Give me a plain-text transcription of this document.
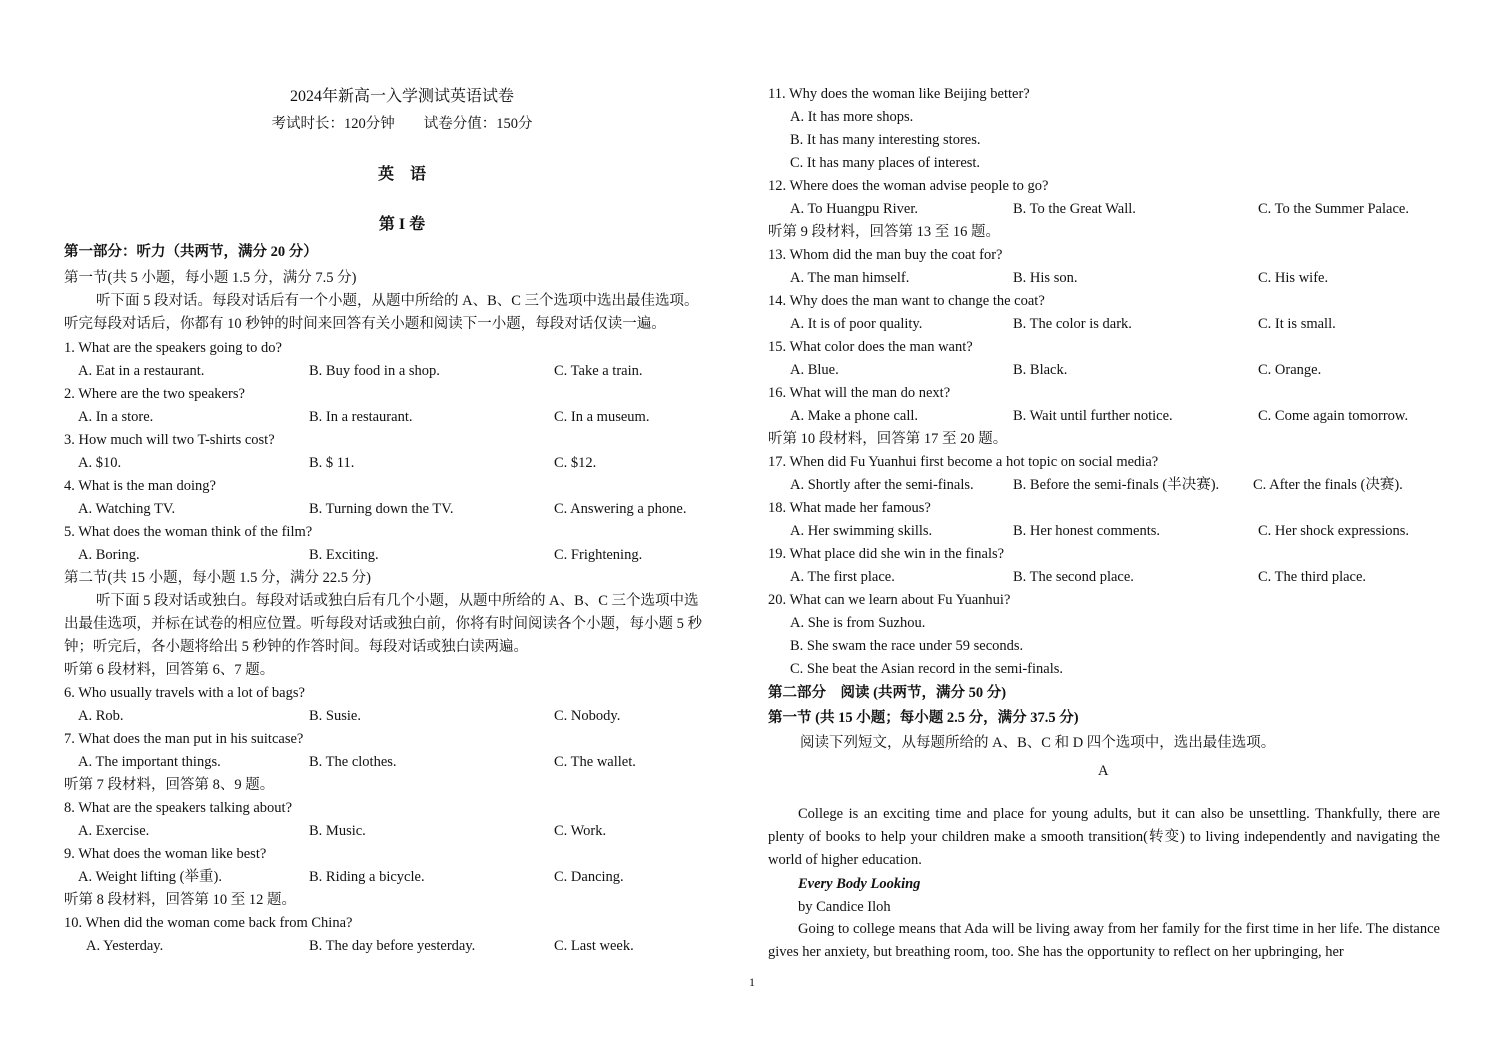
2024年新高一入学测试英语试卷
考试时长：120分钟　　试卷分值：150分
英　语
第 I 卷
第一部分：听力（共两节，满分 20 分）
第一节(共 5 小题，每小题 1.5 分，满分 7.5 分)
听下面 5 段对话。每段对话后有一个小题，从题中所给的 A、B、C 三个选项中选出最佳选项。
听完每段对话后，你都有 10 秒钟的时间来回答有关小题和阅读下一小题，每段对话仅读一遍。
1. What are the speakers going to do?
A. Eat in a restaurant.	B. Buy food in a shop.	C. Take a train.
2. Where are the two speakers?
A. In a store.	B. In a restaurant.	C. In a museum.
3. How much will two T-shirts cost?
A. $10.	B. $ 11.	C. $12.
4. What is the man doing?
A. Watching TV.	B. Turning down the TV.	C. Answering a phone.
5. What does the woman think of the film?
A. Boring.	B. Exciting.	C. Frightening.
第二节(共 15 小题，每小题 1.5 分，满分 22.5 分)
听下面 5 段对话或独白。每段对话或独白后有几个小题，从题中所给的 A、B、C 三个选项中选
出最佳选项，并标在试卷的相应位置。听每段对话或独白前，你将有时间阅读各个小题，每小题 5 秒
钟；听完后，各小题将给出 5 秒钟的作答时间。每段对话或独白读两遍。
听第 6 段材料，回答第 6、7 题。
6. Who usually travels with a lot of bags?
A. Rob.	B. Susie.	C. Nobody.
7. What does the man put in his suitcase?
A. The important things.	B. The clothes.	C. The wallet.
听第 7 段材料，回答第 8、9 题。
8. What are the speakers talking about?
A. Exercise.	B. Music.	C. Work.
9. What does the woman like best?
A. Weight lifting (举重).	B. Riding a bicycle.	C. Dancing.
听第 8 段材料，回答第 10 至 12 题。
10. When did the woman come back from China?
A. Yesterday.	B. The day before yesterday.	C. Last week.
11. Why does the woman like Beijing better?
A. It has more shops.
B. It has many interesting stores.
C. It has many places of interest.
12. Where does the woman advise people to go?
A. To Huangpu River.	B. To the Great Wall.	C. To the Summer Palace.
听第 9 段材料，回答第 13 至 16 题。
13. Whom did the man buy the coat for?
A. The man himself.	B. His son.	C. His wife.
14. Why does the man want to change the coat?
A. It is of poor quality.	B. The color is dark.	C. It is small.
15. What color does the man want?
A. Blue.	B. Black.	C. Orange.
16. What will the man do next?
A. Make a phone call.	B. Wait until further notice.	C. Come again tomorrow.
听第 10 段材料，回答第 17 至 20 题。
17. When did Fu Yuanhui first become a hot topic on social media?
A. Shortly after the semi-finals.	B. Before the semi-finals (半决赛). C. After the finals (决赛).
18. What made her famous?
A. Her swimming skills.	B. Her honest comments.	C. Her shock expressions.
19. What place did she win in the finals?
A. The first place.	B. The second place.	C. The third place.
20. What can we learn about Fu Yuanhui?
A. She is from Suzhou.
B. She swam the race under 59 seconds.
C. She beat the Asian record in the semi-finals.
第二部分　阅读 (共两节，满分 50 分)
第一节 (共 15 小题；每小题 2.5 分，满分 37.5 分)
阅读下列短文，从每题所给的 A、B、C 和 D 四个选项中，选出最佳选项。
A
College is an exciting time and place for young adults, but it can also be unsettling. Thankfully, there are plenty of books to help your children make a smooth transition(转变) to living independently and navigating the world of higher education.
Every Body Looking
by Candice Iloh
Going to college means that Ada will be living away from her family for the first time in her life. The distance gives her anxiety, but breathing room, too. She has the opportunity to reflect on her upbringing, her
1
